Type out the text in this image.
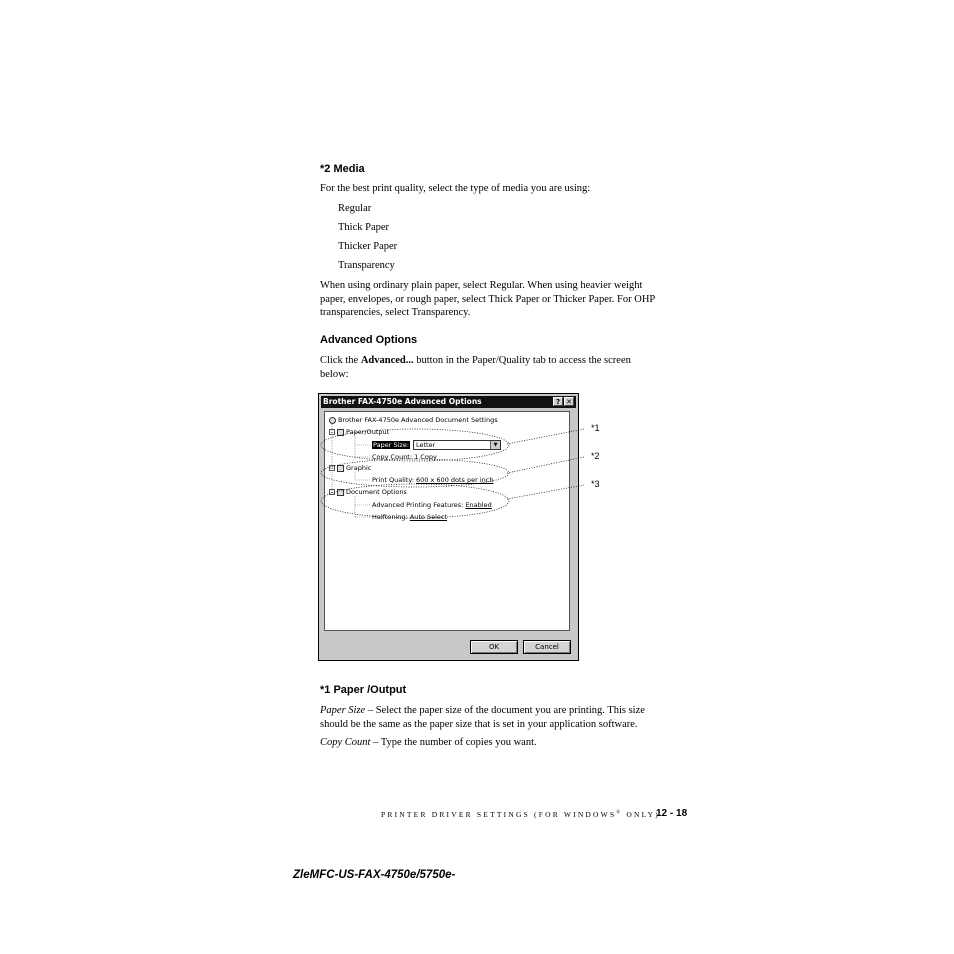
*2 Media
For the best print quality, select the type of media you are using:
Regular
Thick Paper
Thicker Paper
Transparency
When using ordinary plain paper, select Regular. When using heavier weight
paper, envelopes, or rough paper, select Thick Paper or Thicker Paper. For OHP
transparencies, select Transparency.
Advanced Options
Click the Advanced... button in the Paper/Quality tab to access the screen
below:
Brother FAX-4750e Advanced Options	? ✕
Brother FAX-4750e Advanced Document Settings
– Paper/Output
Paper Size:	Letter	▼
Copy Count: 1 Copy
– Graphic
Print Quality: 600 x 600 dots per inch
– Document Options
Advanced Printing Features: Enabled
Halftoning: Auto Select
OK	Cancel
*1
*2
*3
*1 Paper /Output
Paper Size – Select the paper size of the document you are printing. This size
should be the same as the paper size that is set in your application software.
Copy Count – Type the number of copies you want.
PRINTER DRIVER SETTINGS (FOR WINDOWS® ONLY)
12 - 18
ZleMFC-US-FAX-4750e/5750e-
